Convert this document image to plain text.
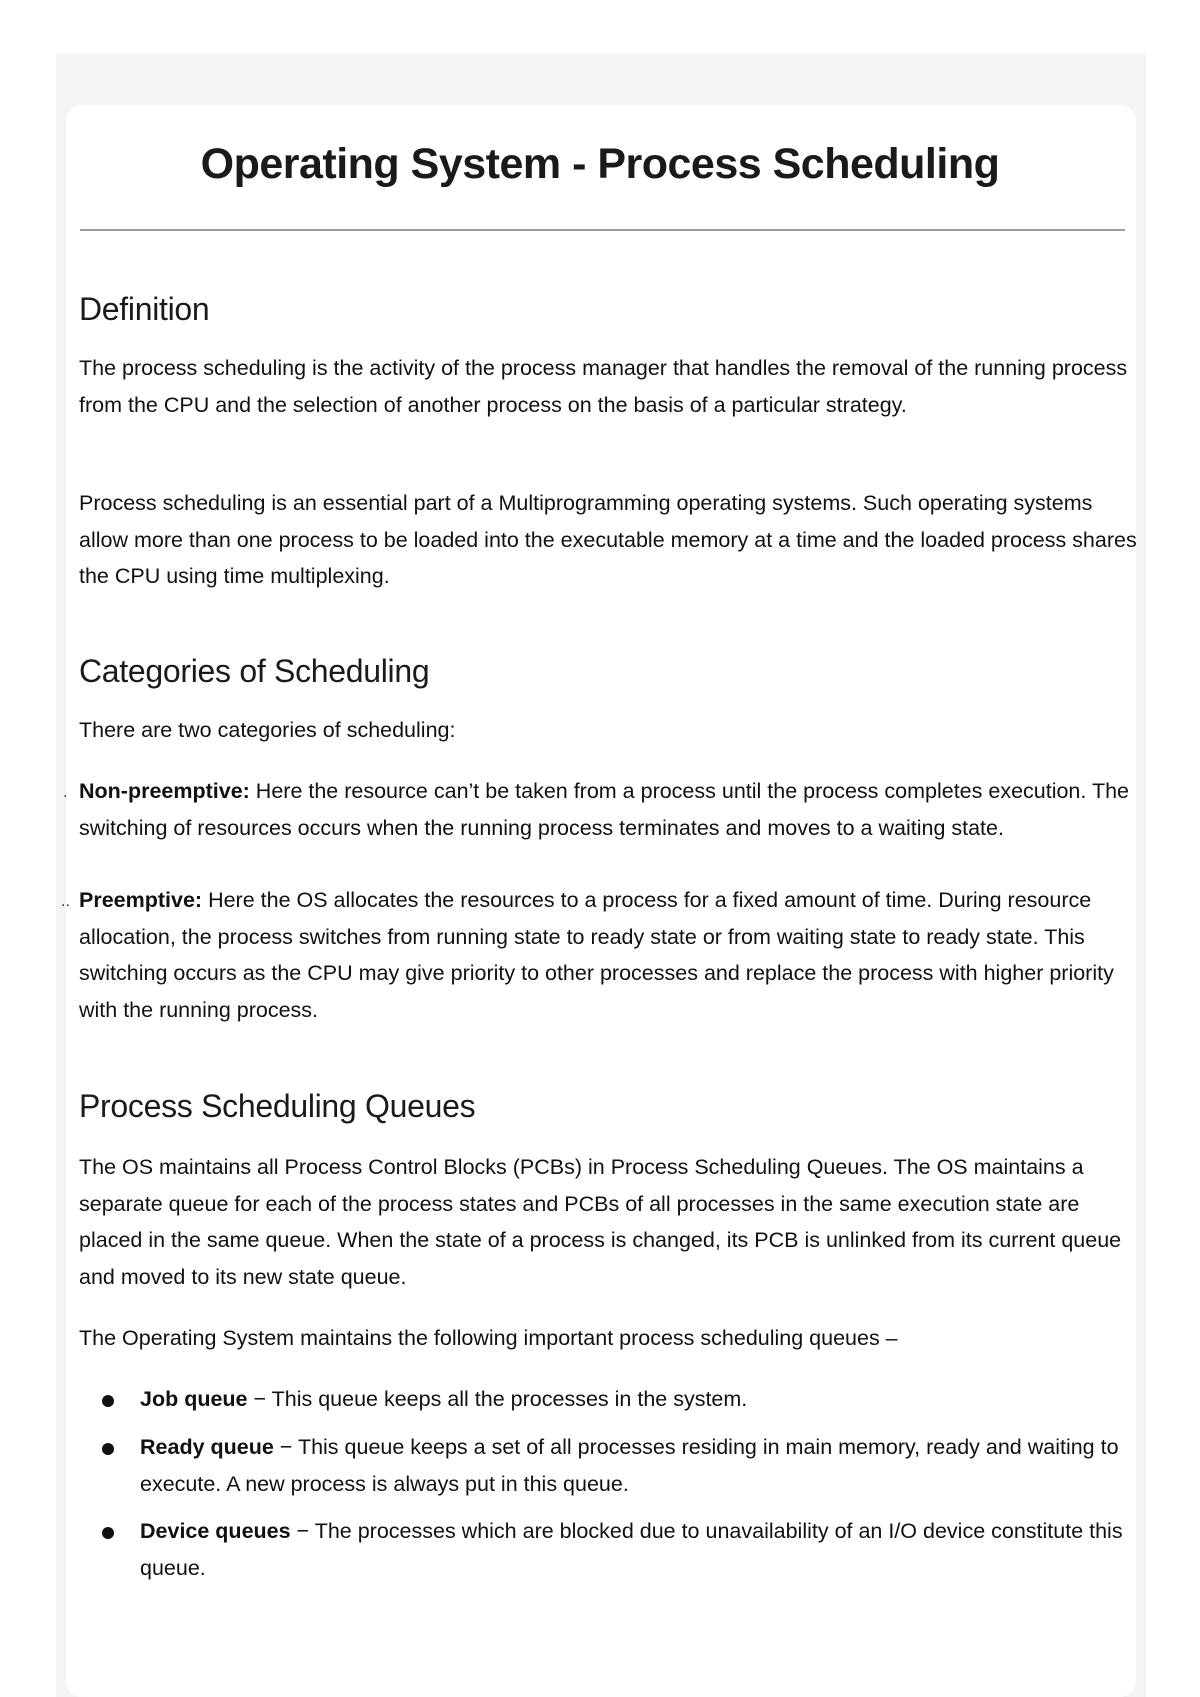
Operating System - Process Scheduling
Definition

The process scheduling is the activity of the process manager that handles the removal of the running process from the CPU and the selection of another process on the basis of a particular strategy.

Process scheduling is an essential part of a Multiprogramming operating systems. Such operating systems allow more than one process to be loaded into the executable memory at a time and the loaded process shares the CPU using time multiplexing.

Categories of Scheduling

There are two categories of scheduling:

. Non-preemptive: Here the resource can’t be taken from a process until the process completes execution. The switching of resources occurs when the running process terminates and moves to a waiting state.

.. Preemptive: Here the OS allocates the resources to a process for a fixed amount of time. During resource allocation, the process switches from running state to ready state or from waiting state to ready state. This switching occurs as the CPU may give priority to other processes and replace the process with higher priority with the running process.

Process Scheduling Queues

The OS maintains all Process Control Blocks (PCBs) in Process Scheduling Queues. The OS maintains a separate queue for each of the process states and PCBs of all processes in the same execution state are placed in the same queue. When the state of a process is changed, its PCB is unlinked from its current queue and moved to its new state queue.

The Operating System maintains the following important process scheduling queues –

Job queue − This queue keeps all the processes in the system.

Ready queue − This queue keeps a set of all processes residing in main memory, ready and waiting to execute. A new process is always put in this queue.

Device queues − The processes which are blocked due to unavailability of an I/O device constitute this queue.
